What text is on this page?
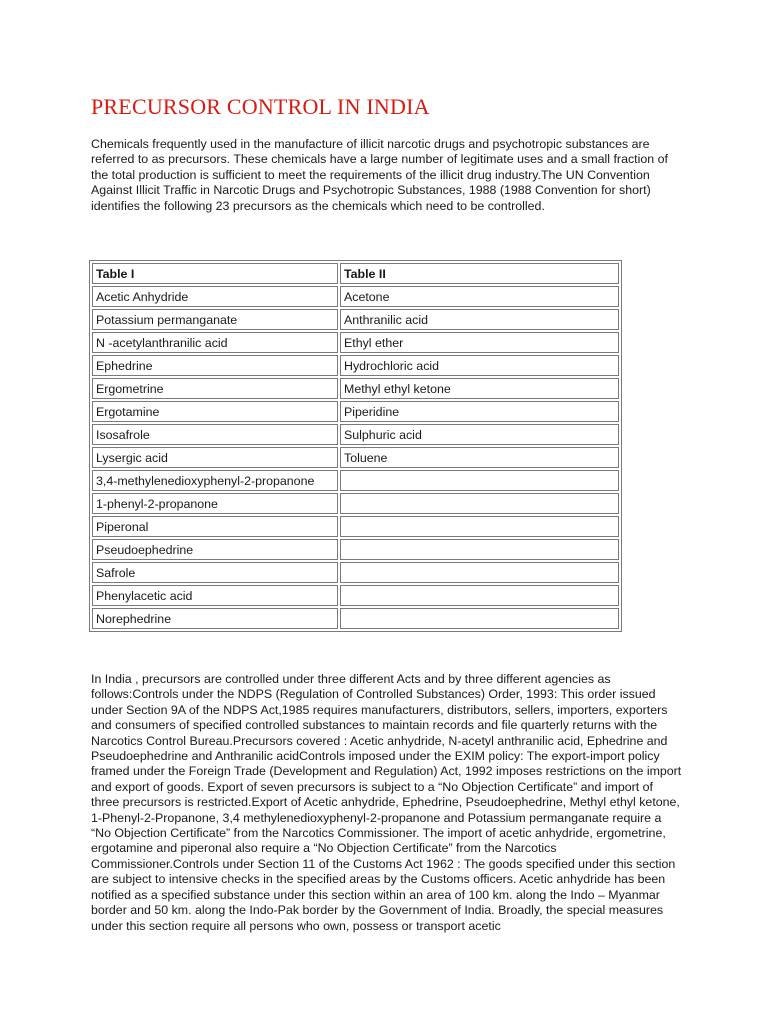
PRECURSOR CONTROL IN INDIA

Chemicals frequently used in the manufacture of illicit narcotic drugs and psychotropic substances are referred to as precursors. These chemicals have a large number of legitimate uses and a small fraction of the total production is sufficient to meet the requirements of the illicit drug industry.The UN Convention Against Illicit Traffic in Narcotic Drugs and Psychotropic Substances, 1988 (1988 Convention for short) identifies the following 23 precursors as the chemicals which need to be controlled.

Table I	Table II
Acetic Anhydride	Acetone
Potassium permanganate	Anthranilic acid
N -acetylanthranilic acid	Ethyl ether
Ephedrine	Hydrochloric acid
Ergometrine	Methyl ethyl ketone
Ergotamine	Piperidine
Isosafrole	Sulphuric acid
Lysergic acid	Toluene
3,4-methylenedioxyphenyl-2-propanone	
1-phenyl-2-propanone	
Piperonal	
Pseudoephedrine	
Safrole	
Phenylacetic acid	
Norephedrine	

In India , precursors are controlled under three different Acts and by three different agencies as follows:Controls under the NDPS (Regulation of Controlled Substances) Order, 1993: This order issued under Section 9A of the NDPS Act,1985 requires manufacturers, distributors, sellers, importers, exporters and consumers of specified controlled substances to maintain records and file quarterly returns with the Narcotics Control Bureau.Precursors covered : Acetic anhydride, N-acetyl anthranilic acid, Ephedrine and Pseudoephedrine and Anthranilic acidControls imposed under the EXIM policy: The export-import policy framed under the Foreign Trade (Development and Regulation) Act, 1992 imposes restrictions on the import and export of goods. Export of seven precursors is subject to a “No Objection Certificate” and import of three precursors is restricted.Export of Acetic anhydride, Ephedrine, Pseudoephedrine, Methyl ethyl ketone, 1-Phenyl-2-Propanone, 3,4 methylenedioxyphenyl-2-propanone and Potassium permanganate require a “No Objection Certificate” from the Narcotics Commissioner. The import of acetic anhydride, ergometrine, ergotamine and piperonal also require a “No Objection Certificate” from the Narcotics Commissioner.Controls under Section 11 of the Customs Act 1962 : The goods specified under this section are subject to intensive checks in the specified areas by the Customs officers. Acetic anhydride has been notified as a specified substance under this section within an area of 100 km. along the Indo – Myanmar border and 50 km. along the Indo-Pak border by the Government of India. Broadly, the special measures under this section require all persons who own, possess or transport acetic
